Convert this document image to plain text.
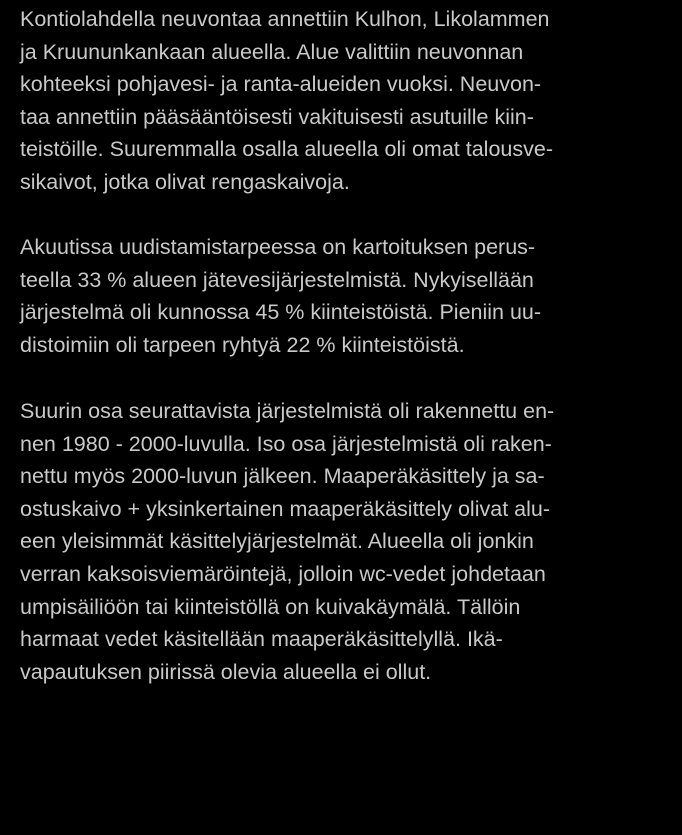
Kontiolahdella neuvontaa annettiin Kulhon, Likolammen
ja Kruununkankaan alueella. Alue valittiin neuvonnan
kohteeksi pohjavesi- ja ranta-alueiden vuoksi. Neuvon-
taa annettiin pääsääntöisesti vakituisesti asutuille kiin-
teistöille. Suuremmalla osalla alueella oli omat talousve-
sikaivot, jotka olivat rengaskaivoja.

Akuutissa uudistamistarpeessa on kartoituksen perus-
teella 33 % alueen jätevesijärjestelmistä. Nykyisellään
järjestelmä oli kunnossa 45 % kiinteistöistä. Pieniin uu-
distoimiin oli tarpeen ryhtyä 22 % kiinteistöistä.

Suurin osa seurattavista järjestelmistä oli rakennettu en-
nen 1980 - 2000-luvulla. Iso osa järjestelmistä oli raken-
nettu myös 2000-luvun jälkeen. Maaperäkäsittely ja sa-
ostuskaivo + yksinkertainen maaperäkäsittely olivat alu-
een yleisimmät käsittelyjärjestelmät. Alueella oli jonkin
verran kaksoisviemäröintejä, jolloin wc-vedet johdetaan
umpisäiliöön tai kiinteistöllä on kuivakäymälä. Tällöin
harmaat vedet käsitellään maaperäkäsittelyllä. Ikä-
vapautuksen piirissä olevia alueella ei ollut.
